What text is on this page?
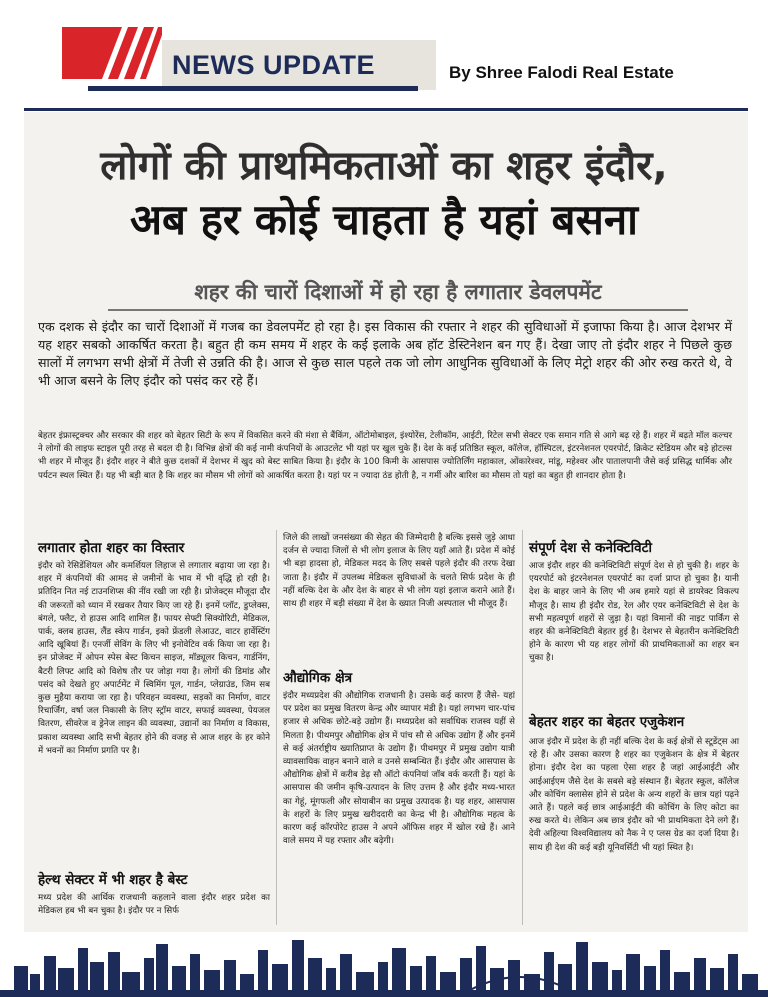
NEWS UPDATE	By Shree Falodi Real Estate
लोगों की प्राथमिकताओं का शहर इंदौर,
अब हर कोई चाहता है यहां बसना
शहर की चारों दिशाओं में हो रहा है लगातार डेवलपमेंट
एक दशक से इंदौर का चारों दिशाओं में गजब का डेवलपमेंट हो रहा है। इस विकास की रफ्तार ने शहर की सुविधाओं में इजाफा किया है। आज देशभर में यह शहर सबको आकर्षित करता है। बहुत ही कम समय में शहर के कई इलाके अब हॉट डेस्टिनेशन बन गए हैं। देखा जाए तो इंदौर शहर ने पिछले कुछ सालों में लगभग सभी क्षेत्रों में तेजी से उन्नति की है। आज से कुछ साल पहले तक जो लोग आधुनिक सुविधाओं के लिए मेट्रो शहर की ओर रुख करते थे, वे भी आज बसने के लिए इंदौर को पसंद कर रहे हैं।
बेहतर इंफ्रास्ट्रक्चर और सरकार की शहर को बेहतर सिटी के रूप में विकसित करने की मंशा से बैंकिंग, ऑटोमोबाइल, इंश्योरेंस, टेलीकॉम, आईटी, रिटेल सभी सेक्टर एक समान गति से आगे बढ़ रहे हैं। शहर में बढ़ते मॉल कल्चर ने लोगों की लाइफ स्टाइल पूरी तरह से बदल दी है। विभिन्न क्षेत्रों की कई नामी कंपनियों के आउटलेट भी यहां पर खुल चुके हैं। देश के कई प्रतिष्ठित स्कूल, कॉलेज, हॉस्पिटल, इंटरनेशनल एयरपोर्ट, क्रिकेट स्टेडियम और बड़े होटल्स भी शहर में मौजूद हैं। इंदौर शहर ने बीते कुछ दशकों में देशभर में खुद को बेस्ट साबित किया है। इंदौर के 100 किमी के आसपास ज्योतिर्लिंग महाकाल, ओंकारेश्वर, मांडू, महेश्वर और पातालपानी जैसे कई प्रसिद्ध धार्मिक और पर्यटन स्थल स्थित हैं। यह भी बड़ी बात है कि शहर का मौसम भी लोगों को आकर्षित करता है। यहां पर न ज्यादा ठंड होती है, न गर्मी और बारिश का मौसम तो यहां का बहुत ही शानदार होता है।
लगातार होता शहर का विस्तार
इंदौर को रेसिडेंशियल और कमर्शियल लिहाज से लगातार बढ़ाया जा रहा है। शहर में कंपनियों की आमद से जमीनों के भाव में भी वृद्धि हो रही है। प्रतिदिन नित नई टाउनशिप्स की नींव रखी जा रही है। प्रोजेक्ट्स मौजूदा दौर की जरूरतों को ध्यान में रखकर तैयार किए जा रहे हैं। इनमें प्लॉट, डुप्लेक्स, बंगले, फ्लैट, रो हाउस आदि शामिल हैं। फायर सेफ्टी सिक्योरिटी, मेडिकल, पार्क, क्लब हाउस, लैंड स्केप गार्डन, इको फ्रेंडली लेआउट, वाटर हार्वेस्टिंग आदि खूबियां हैं। एनर्जी सेविंग के लिए भी इनोवेटिव वर्क किया जा रहा है। इन प्रोजेक्ट में ओपन स्पेस बेस्ट किचन साइज, मॉड्यूलर किचन, गार्डनिंग, बैटरी लिफ्ट आदि को विशेष तौर पर जोड़ा गया है। लोगों की डिमांड और पसंद को देखते हुए अपार्टमेंट में स्विमिंग पूल, गार्डन, प्लेग्राउंड, जिम सब कुछ मुहैया कराया जा रहा है। परिवहन व्यवस्था, सड़कों का निर्माण, वाटर रिचार्जिंग, वर्षा जल निकासी के लिए स्ट्रॉम वाटर, सफाई व्यवस्था, पेयजल वितरण, सीवरेज व ड्रेनेज लाइन की व्यवस्था, उद्यानों का निर्माण व विकास, प्रकाश व्यवस्था आदि सभी बेहतर होने की वजह से आज शहर के हर कोने में भवनों का निर्माण प्रगति पर है।
हेल्थ सेक्टर में भी शहर है बेस्ट
मध्य प्रदेश की आर्थिक राजधानी कहलाने वाला इंदौर शहर प्रदेश का मेडिकल हब भी बन चुका है। इंदौर पर न सिर्फ
जिले की लाखों जनसंख्या की सेहत की जिम्मेदारी है बल्कि इससे जुड़े आधा दर्जन से ज्यादा जिलों से भी लोग इलाज के लिए यहाँ आते हैं। प्रदेश में कोई भी बड़ा हादसा हो, मेडिकल मदद के लिए सबसे पहले इंदौर की तरफ देखा जाता है। इंदौर में उपलब्ध मेडिकल सुविधाओं के चलते सिर्फ प्रदेश के ही नहीं बल्कि देश के और देश के बाहर से भी लोग यहां इलाज कराने आते हैं। साथ ही शहर में बड़ी संख्या में देश के ख्यात निजी अस्पताल भी मौजूद हैं।
औद्योगिक क्षेत्र
इंदौर मध्यप्रदेश की औद्योगिक राजधानी है। उसके कई कारण हैं जैसे- यहां पर प्रदेश का प्रमुख वितरण केन्द्र और व्यापार मंडी है। यहां लगभग चार-पांच हजार से अधिक छोटे-बड़े उद्योग हैं। मध्यप्रदेश को सर्वाधिक राजस्व यहीं से मिलता है। पीथमपुर औद्योगिक क्षेत्र में पांच सौ से अधिक उद्योग हैं और इनमें से कई अंतर्राष्ट्रीय ख्यातिप्राप्त के उद्योग हैं। पीथमपुर में प्रमुख उद्योग यात्री व्यावसायिक वाहन बनाने वाले व उनसे सम्बन्धित हैं। इंदौर और आसपास के औद्योगिक क्षेत्रों में करीब डेढ़ सौ ऑटो कंपनियां जॉब वर्क करती हैं। यहां के आसपास की जमीन कृषि-उत्पादन के लिए उत्तम है और इंदौर मध्य-भारत का गेहूं, मूंगफली और सोयाबीन का प्रमुख उत्पादक है। यह शहर, आसपास के शहरों के लिए प्रमुख खरीददारी का केन्द्र भी है। औद्योगिक महत्व के कारण कई कॉरपोरेट हाउस ने अपने ऑफिस शहर में खोल रखे हैं। आने वाले समय में यह रफ्तार और बढ़ेगी।
संपूर्ण देश से कनेक्टिविटी
आज इंदौर शहर की कनेक्टिविटी संपूर्ण देश से हो चुकी है। शहर के एयरपोर्ट को इंटरनेशनल एयरपोर्ट का दर्जा प्राप्त हो चुका है। यानी देश के बाहर जाने के लिए भी अब हमारे यहां से डायरेक्ट विकल्प मौजूद है। साथ ही इंदौर रोड, रेल और एयर कनेक्टिविटी से देश के सभी महत्वपूर्ण शहरों से जुड़ा है। यहां विमानों की नाइट पार्किंग से शहर की कनेक्टिविटी बेहतर हुई है। देशभर से बेहतरीन कनेक्टिविटी होने के कारण भी यह शहर लोगों की प्राथमिकताओं का शहर बन चुका है।
बेहतर शहर का बेहतर एजुकेशन
आज इंदौर में प्रदेश के ही नहीं बल्कि देश के कई क्षेत्रों से स्टूडेंट्स आ रहे हैं। और उसका कारण है शहर का एजुकेशन के क्षेत्र में बेहतर होना। इंदौर देश का पहला ऐसा शहर है जहां आईआईटी और आईआईएम जैसे देश के सबसे बड़े संस्थान हैं। बेहतर स्कूल, कॉलेज और कोचिंग क्लासेस होने से प्रदेश के अन्य शहरों के छात्र यहां पढ़ने आते हैं। पहले कई छात्र आईआईटी की कोचिंग के लिए कोटा का रुख करते थे। लेकिन अब छात्र इंदौर को भी प्राथमिकता देने लगे हैं। देवी अहिल्या विश्वविद्यालय को नैक ने ए प्लस ग्रेड का दर्जा दिया है। साथ ही देश की कई बड़ी यूनिवर्सिटी भी यहां स्थित है।
